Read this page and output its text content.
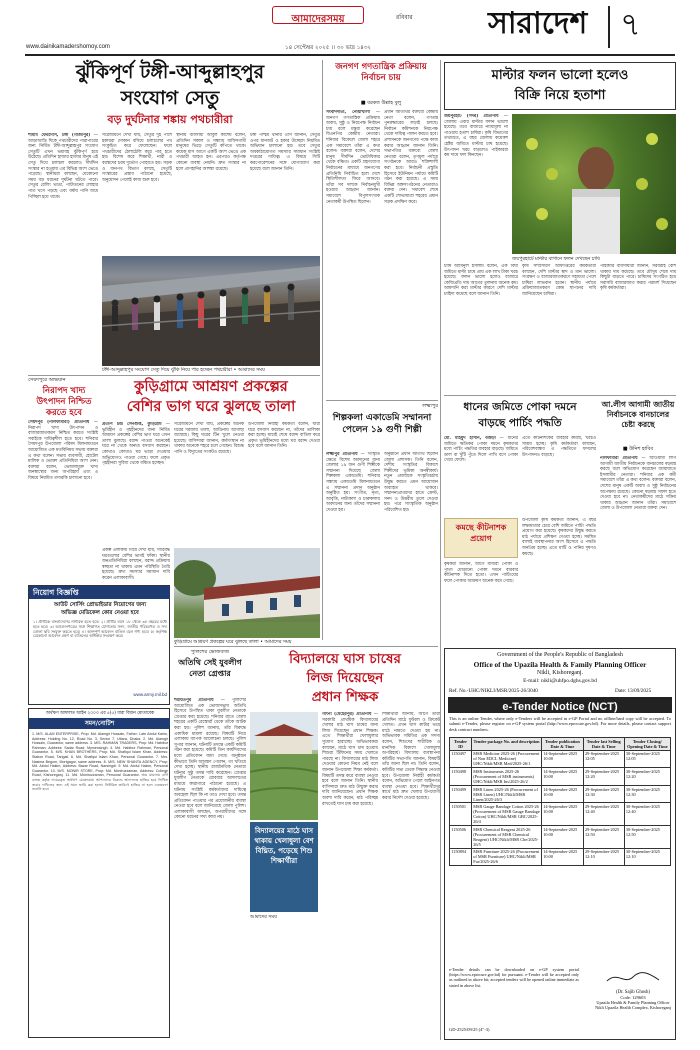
আমাদেরসময়	রবিবার
www.dainikamadershomoy.com	১৪ সেপ্টেম্বর ২০২৫ ।। ৩০ ভাদ্র ১৪৩২
সারাদেশ ৭
ঝুঁকিপূর্ণ টঙ্গী-আব্দুল্লাহপুর
সংযোগ সেতু
বড় দুর্ঘটনার শঙ্কায় পথচারীরা
শামীম ফেরদৌস, টঙ্গী (গাজীপুর) — আড়াআড়ি দিকে পথচারীদের পারাপারের জন্য নির্মিত টঙ্গী-আব্দুল্লাহপুর সংযোগ সেতুটি এখন ভয়াবহ ঝুঁকিপূর্ণ হয়ে উঠেছে। প্রতিদিন হাজার হাজার মানুষ এই সেতু দিয়ে চলাচল করলেও দীর্ঘদিন সংস্কার না হওয়ায় এর বিভিন্ন অংশ ভেঙে পড়েছে। স্থানীয়রা বলছেন, যেকোনো সময় বড় ধরনের দুর্ঘটনা ঘটতে পারে। সেতুর রেলিং ভাঙা, পাটাতনের লোহার পাত খসে পড়ছে এবং বর্ষায় পানি জমে পিচ্ছিল হয়ে থাকে।
সরেজমিনে দেখা যায়, সেতুর দুই পাশে হকাররা দোকান বসিয়ে চলাচলের পথ সংকুচিত করে ফেলেছেন। ফলে পথচারীদের ঠেলাঠেলি করে পার হতে হয়। বিশেষ করে শিক্ষার্থী, নারী ও বয়স্কদের চরম দুর্ভোগ পোহাতে হয়। সড়ক ও জনপথ বিভাগ বলছে, সেতুটি সংস্কারের প্রস্তাব পাঠানো হয়েছে, অনুমোদন পেলেই কাজ শুরু হবে।
স্থানীয় ব্যবসায়ী আবুল কাশেম বলেন, প্রতিদিন সকাল ও সন্ধ্যায় অফিসগামী মানুষের ভিড়ে সেতুটি কাঁপতে থাকে। কয়েক মাস আগে একটি অংশ ভেঙে এক পথচারী আহত হন। এরপরও কর্তৃপক্ষ কোনো ব্যবস্থা নেয়নি। দ্রুত সংস্কার না হলে প্রাণহানির আশঙ্কা রয়েছে।
টঙ্গী পশ্চিম থানার ওসি জানান, সেতুর ওপর যানজট ও হকার উচ্ছেদে নিয়মিত অভিযান চালানো হয়। তবে সেতুর অবকাঠামোগত সমস্যার সমাধান সংশ্লিষ্ট দপ্তরের দায়িত্ব। এ বিষয়ে সিটি করপোরেশনের সঙ্গে যোগাযোগ করা হয়েছে বলে জানান তিনি।
টঙ্গী-আব্দুল্লাহপুর সংযোগ সেতু দিয়ে ঝুঁকি নিয়ে পার হচ্ছেন পথচারীরা • আমাদের সময়
সৈয়দপুরে অভিযান
নিরাপদ খাদ্য উৎপাদন নিশ্চিত করতে হবে
সৈয়দপুর (নীলফামারী) প্রতিনিধি — নিরাপদ খাদ্য উৎপাদন ও বাজারজাতকরণ নিশ্চিত করতে সংশ্লিষ্ট সবাইকে দায়িত্বশীল হতে হবে। শনিবার সৈয়দপুর উপজেলা পরিষদ মিলনায়তনে আয়োজিত এক মতবিনিময় সভায় বক্তারা এ কথা বলেন। সভায় ব্যবসায়ী, হোটেল মালিক ও ভোক্তা প্রতিনিধিরা অংশ নেন। বক্তারা বলেন, ভেজালমুক্ত খাদ্য জনস্বাস্থ্যের জন্য অপরিহার্য এবং এ বিষয়ে নিয়মিত তদারকি চালানো হবে।
কুড়িগ্রামে আশ্রয়ণ প্রকল্পের
বেশির ভাগ ঘরে ঝুলছে তালা
প্রতাপ চন্দ্র সেনগুপ্ত, কুড়িগ্রাম — ভূমিহীন ও গৃহহীনদের জন্য নির্মিত আশ্রয়ণ প্রকল্পের বেশির ভাগ ঘরে এখন তালা ঝুলছে। বরাদ্দ পাওয়া অনেকেই ঘরে না থেকে অন্যত্র বসবাস করছেন। কোথাও কোথাও ঘর ভাড়া দেওয়ার অভিযোগও পাওয়া গেছে। ফলে প্রকৃত গৃহহীনরা সুবিধা থেকে বঞ্চিত হচ্ছেন।
সরেজমিনে দেখা যায়, প্রকল্পের অনেক ঘরের দরজায় তালা, আঙিনায় আগাছা জন্মেছে। কিছু ঘরের টিন খুলে নেওয়া হয়েছে। বাসিন্দারা জানান, কর্মসংস্থান না থাকায় অনেকে শহরে চলে গেছেন। বিশুদ্ধ পানি ও বিদ্যুতের সংকটও রয়েছে।
উপজেলা নির্বাহী কর্মকর্তা বলেন, যাঁরা ঘরে বসবাস করছেন না, তাঁদের তালিকা করা হচ্ছে। যাচাই শেষে বরাদ্দ বাতিল করে প্রকৃত ভূমিহীনদের মধ্যে ঘর বরাদ্দ দেওয়া হবে বলে জানান তিনি।
কুড়িগ্রামে আশ্রয়ণ প্রকল্পের ঘরে ঝুলছে তালা • আমাদের সময়
প্রকল্প এলাকায় গিয়ে দেখা যায়, সারিবদ্ধ ঘরগুলোর বেশির ভাগই ফাঁকা। স্থানীয় জনপ্রতিনিধিরা বলছেন, বরাদ্দ প্রক্রিয়ায় স্বচ্ছতা না থাকায় এমন পরিস্থিতি তৈরি হয়েছে। দ্রুত সমস্যার সমাধান দাবি করেন এলাকাবাসী।
নিয়োগ বিজ্ঞপ্তি
আউট সোর্সিং প্রোভাইডার নিয়োগের জন্য
অভিজ্ঞ মেডিকেল কোর নেওয়া হবে
১। প্রার্থীকে বাংলাদেশের নাগরিক হতে হবে। ২। প্রার্থীর বয়স ১৮ থেকে ৩৫ বছরের মধ্যে হতে হবে। ৩। আবেদনপত্রের সঙ্গে শিক্ষাগত যোগ্যতার সনদ, জাতীয় পরিচয়পত্র ও সদ্য তোলা ছবি সংযুক্ত করতে হবে। ৪। অসম্পূর্ণ আবেদন বাতিল বলে গণ্য হবে। ৫। কর্তৃপক্ষ যেকোনো আবেদন গ্রহণ বা বাতিলের অধিকার সংরক্ষণ করে।
www.army.mil.bd
অর্থঋণ আদালত আইন ২০০৩ এর ৫(৫) ধারা বিধান মোতাবেক
সমন/নোটিশ
1. M/S. ALAM ENTERPRISE, Prop: Md. Alamgir Hossain, Father: Late Abdul Karim, Address: Holding No. 12, Road No. 3, Sector 7, Uttara, Dhaka. 2. Md. Alamgir Hossain, Guarantor, same address. 3. M/S. RAHMAN TRADERS, Prop: Md. Habibur Rahman, Address: Sadar Road, Mymensingh. 4. Md. Habibur Rahman, Personal Guarantor. 5. M/S. KHAN BROTHERS, Prop: Md. Shafiqul Islam Khan, Address: Station Road, Tangail. 6. Md. Shafiqul Islam Khan, Personal Guarantor. 7. Mrs. Nasima Begum, Mortgagor, same address. 8. M/S. NEW SHANTA AGENCY, Prop: Md. Abdul Hakim, Address: Bazar Road, Narsingdi. 9. Md. Abdul Hakim, Personal Guarantor. 10. M/S. MONIR STORE, Prop: Md. Moniruzzaman, Address: College Road, Kishoreganj. 11. Md. Moniruzzaman, Personal Guarantor. অত্র মামলায় বাদী ব্যাংক কর্তৃক দায়েরকৃত অর্থঋণ মোকদ্দমায় আপনাদের বিরুদ্ধে আদালতে হাজির হয়ে লিখিত জবাব দাখিলের জন্য এই সমন জারি করা হলো। নির্ধারিত তারিখে হাজির না হলে একতরফা শুনানি হবে।
পুলিশের ভোজবাজ
অতিথি সেই যুবলীগ নেতা গ্রেপ্তার
শরীয়তপুর প্রতিনিধি — পুলিশের আয়োজিত এক ভোজসভায় অতিথি হিসেবে উপস্থিত থাকা যুবলীগ নেতাকে গ্রেপ্তার করা হয়েছে। শনিবার রাতে জেলা শহরের একটি রেস্তোরাঁ থেকে তাঁকে আটক করা হয়। পুলিশ জানায়, তাঁর বিরুদ্ধে একাধিক মামলা রয়েছে। বিষয়টি নিয়ে এলাকায় ব্যাপক আলোচনা চলছে। পুলিশ সুপার জানান, ঘটনাটি তদন্তে একটি কমিটি গঠন করা হয়েছে। কমিটি তিন কার্যদিবসের মধ্যে প্রতিবেদন জমা দেবে। অনুষ্ঠানে কীভাবে তিনি আমন্ত্রণ পেলেন, তা খতিয়ে দেখা হচ্ছে। স্থানীয় রাজনৈতিক নেতারা ঘটনার সুষ্ঠু তদন্ত দাবি করেছেন। গ্রেপ্তার যুবলীগ নেতাকে রোববার আদালতের মাধ্যমে কারাগারে পাঠানো হয়েছে। এ ঘটনায় সংশ্লিষ্ট কর্মকর্তাদের দায়িত্বে অবহেলা ছিল কি না তাও দেখা হবে। তদন্ত প্রতিবেদন পাওয়ার পর প্রয়োজনীয় ব্যবস্থা নেওয়া হবে বলে জানিয়েছে জেলা পুলিশ। এলাকাবাসী বলছেন, অপরাধীদের সঙ্গে কোনো ধরনের সখ্য কাম্য নয়।
বিদ্যালয়ে ঘাস চাষের
লিজ দিয়েছেন
প্রধান শিক্ষক
বিদ্যালয়ের মাঠে ঘাস থাকায় খেলাধুলা বেশ বিঘ্নিত, পড়েছে শিশু শিক্ষার্থীরা
আমাদের সময়
গাংনী (মেহেরপুর) প্রতিনিধি — সরকারি প্রাথমিক বিদ্যালয়ের খেলার মাঠ ঘাস চাষের জন্য লিজ দিয়েছেন প্রধান শিক্ষক। এতে শিক্ষার্থীরা খেলাধুলার সুযোগ হারাচ্ছে। অভিভাবকরা বলছেন, মাঠে ঘাস চাষ হওয়ায় শিশুরা টিফিনের সময় খেলতে পারছে না। বিদ্যালয়ের মাঠ লিজ দেওয়ার কোনো নিয়ম নেই বলে জানান উপজেলা শিক্ষা কর্মকর্তা। বিষয়টি তদন্ত করে ব্যবস্থা নেওয়া হবে বলে জানান তিনি। স্থানীয় বাসিন্দারা দ্রুত মাঠ উন্মুক্ত করার দাবি জানিয়েছেন। প্রধান শিক্ষক অবশ্য দাবি করেন, মাঠ পরিচ্ছন্ন রাখতেই ঘাস চাষ করা হয়েছে।
শিক্ষার্থীরা জানায়, আগে তারা প্রতিদিন মাঠে ফুটবল ও ক্রিকেট খেলত। এখন ঘাস কাটার ভয়ে মাঠে নামতে দেওয়া হয় না। অভিভাবক সমিতির এক সদস্য বলেন, শিশুদের শারীরিক ও মানসিক বিকাশে খেলাধুলা অপরিহার্য। বিদ্যালয় ব্যবস্থাপনা কমিটির সভাপতি জানান, বিষয়টি তাঁর জানা ছিল না। তিনি বলেন, কমিটির সভা ডেকে সিদ্ধান্ত নেওয়া হবে। উপজেলা নির্বাহী কর্মকর্তা বলেন, অভিযোগ পেলে আইনগত ব্যবস্থা নেওয়া হবে। শিক্ষার্থীদের স্বার্থে মাঠ দ্রুত খেলার উপযোগী করার নির্দেশ দেওয়া হয়েছে।
জনগণ গণতান্ত্রিক প্রক্রিয়ায় নির্বাচন চায়
■ বরকত উল্লাহ বুলু
সংবাদদাতা, নোয়াখালী — জনগণ গণতান্ত্রিক প্রক্রিয়ায় অবাধ, সুষ্ঠু ও নিরপেক্ষ নির্বাচন চায় বলে মন্তব্য করেছেন বিএনপির কেন্দ্রীয় নেতারা। শনিবার বিকেলে জেলা শহরে এক সমাবেশে তাঁরা এ কথা বলেন। বক্তারা বলেন, দেশের মানুষ দীর্ঘদিন ভোটাধিকার থেকে বঞ্চিত। একটি গ্রহণযোগ্য নির্বাচনের মাধ্যমে জনগণের প্রতিনিধি নির্বাচিত হলে দেশে স্থিতিশীলতা ফিরে আসবে। তাঁরা সব দলকে নির্বাচনমুখী হওয়ার আহ্বান জানান। সমাবেশে বিপুলসংখ্যক নেতাকর্মী উপস্থিত ছিলেন।
প্রধান অতিথির বক্তব্যে কেন্দ্রীয় নেতা বলেন, গণতন্ত্র পুনরুদ্ধারের লড়াই চলছে। নির্বাচন কমিশনকে নিরপেক্ষ থেকে দায়িত্ব পালন করতে হবে। প্রশাসনকে জনগণের পক্ষে কাজ করার আহ্বান জানান তিনি। সভাপতির বক্তব্যে জেলা নেতারা বলেন, তৃণমূল পর্যায়ে সংগঠনকে আরও শক্তিশালী করা হবে। নির্বাচনী প্রস্তুতি হিসেবে ইউনিয়ন পর্যায়ে কমিটি গঠন করা হয়েছে। এ সময় বিভিন্ন অঙ্গসংগঠনের নেতারাও বক্তব্য দেন। সমাবেশ শেষে একটি শোভাযাত্রা শহরের প্রধান সড়ক প্রদক্ষিণ করে।
লক্ষ্মীপুর
শিল্পকলা একাডেমি সম্মাননা পেলেন ১৯ গুণী শিল্পী
লক্ষ্মীপুর প্রতিনিধি — সংস্কৃতি ক্ষেত্রে বিশেষ অবদানের জন্য জেলার ১৯ জন গুণী শিল্পীকে সম্মাননা দিয়েছে জেলা শিল্পকলা একাডেমি। শনিবার সন্ধ্যায় একাডেমি মিলনায়তনে এ সম্মাননা প্রদান অনুষ্ঠান অনুষ্ঠিত হয়। সংগীত, নৃত্য, আবৃত্তি, নাট্যকলা ও চারুকলায় অবদানের জন্য তাঁদের সম্মাননা দেওয়া হয়।
অনুষ্ঠানে প্রধান অতিথি ছিলেন জেলা প্রশাসক। তিনি বলেন, দেশীয় সংস্কৃতির বিকাশে শিল্পীদের ভূমিকা অনস্বীকার্য। নতুন প্রজন্মকে সংস্কৃতিচর্চায় উদ্বুদ্ধ করতে এমন আয়োজন অব্যাহত থাকবে। সম্মাননাপ্রাপ্তদের হাতে ক্রেস্ট, সনদ ও উত্তরীয় তুলে দেওয়া হয়। পরে সাংস্কৃতিক অনুষ্ঠান পরিবেশিত হয়।
মাল্টার ফলন ভালো হলেও
বিক্রি নিয়ে হতাশা
জয়পুরহাট (সদর) প্রতিনিধি — জেলায় এবার মাল্টার ফলন ভালো হয়েছে। তবে বাজারে ন্যায্যমূল্য না পাওয়ায় হতাশ চাষিরা। কৃষি বিভাগের তথ্যমতে, এ বছর জেলায় কয়েকশ হেক্টর জমিতে মাল্টার চাষ হয়েছে। উৎপাদন খরচ বাড়লেও পাইকাররা কম দামে ফল কিনছেন।
জয়পুরহাটে মাল্টার বাগানে ফলন দেখছেন চাষি
চাষি আমিনুল ইসলাম বলেন, এক বিঘা জমিতে মাল্টা চাষে প্রায় এক লাখ টাকা খরচ হয়েছে। ফলন ভালো হলেও বাজারে কেজিপ্রতি দাম আগের তুলনায় অনেক কম। আমদানি করা মাল্টার কারণে দেশি মাল্টার চাহিদা কমেছে বলে জানান তিনি।
কৃষি সম্প্রসারণ অধিদপ্তরের কর্মকর্তারা বলছেন, দেশি মাল্টার স্বাদ ও মান ভালো। সংরক্ষণ ও বাজারজাতকরণে সহায়তা পেলে চাষিরা লাভবান হবেন। স্থানীয় পর্যায়ে প্রক্রিয়াজাতকরণ কেন্দ্র স্থাপনের দাবি জানিয়েছেন চাষিরা।
পাইকারি ব্যবসায়ীরা জানান, সরবরাহ বেশি থাকায় দাম কমেছে। তবে মৌসুম শেষে দাম কিছুটা বাড়তে পারে। চাষিদের সংগঠিত হয়ে সরাসরি বাজারজাত করার পরামর্শ দিয়েছেন কৃষি কর্মকর্তারা।
ধানের জমিতে পোকা দমনে
বাড়ছে পার্চিং পদ্ধতি
মো. মাহমুদ হাসান, বগুড়া — ধানের জমিতে ক্ষতিকর পোকা দমনে কৃষকদের মধ্যে পার্চিং পদ্ধতির ব্যবহার বাড়ছে। জমিতে ডাল বা খুঁটি পুঁতে দিলে পাখি বসে পোকা খেয়ে ফেলে।
এতে কীটনাশকের ব্যবহার কমছে, খরচও সাশ্রয় হচ্ছে। কৃষি কর্মকর্তারা বলছেন, পরিবেশবান্ধব এ পদ্ধতিতে ফসলের উৎপাদনও বাড়ছে।
কমছে কীটনাশক প্রয়োগ
কৃষকরা জানান, আগে মাজরা পোকা ও পাতা মোড়ানো পোকা দমনে বারবার কীটনাশক দিতে হতো। এখন পার্চিংয়ের ফলে পোকার আক্রমণ অনেক কমে গেছে।
উপজেলা কৃষি কর্মকর্তা জানান, এ বছর লক্ষ্যমাত্রার চেয়ে বেশি জমিতে পার্চিং পদ্ধতি প্রয়োগ করা হয়েছে। কৃষকদের উদ্বুদ্ধ করতে মাঠ পর্যায়ে প্রশিক্ষণ দেওয়া হচ্ছে। সমন্বিত বালাই ব্যবস্থাপনার অংশ হিসেবে এ পদ্ধতি জনপ্রিয় হচ্ছে। এতে মাটি ও পানির দূষণও কমছে।
আ.লীগ আগামী জাতীয় নির্বাচনকে বানচালের চেষ্টা করছে
■ উনিশ হাবিব
নীলফামারী প্রতিনিধি — আওয়ামী লীগ আগামী জাতীয় নির্বাচনকে বানচালের ষড়যন্ত্র করছে বলে অভিযোগ করেছেন জামায়াতে ইসলামীর নেতারা। শনিবার এক কর্মী সমাবেশে তাঁরা এ কথা বলেন। বক্তারা বলেন, দেশের মানুষ একটি অবাধ ও সুষ্ঠু নির্বাচনের অপেক্ষায় রয়েছে। কোনো ষড়যন্ত্র সফল হতে দেওয়া হবে না। নেতাকর্মীদের মাঠে সক্রিয় থাকার আহ্বান জানান তাঁরা। সমাবেশে জেলা ও উপজেলা নেতারা বক্তব্য দেন।
Government of the People's Republic of Bangladesh
Office of the Upazila Health & Family Planning Officer
Nikli, Kishoreganj.
E-mail: nikli@uhfpo.dghs.gov.bd
Ref. No.-UHC/NIKLI/MSR/2025-26/3040	Date: 13/09/2025
e-Tender Notice (NCT)
This is an online Tender, where only e-Tenders will be accepted in e-GP Portal and no offline/hard copy will be accepted. To submit e-Tender, please register on e-GP system portal (http://www.eprocure.gov.bd). For more details, please contact support desk contract numbers.
Tender ID	Tender package No. and description	Tender publication Date & Time	Tender last Selling Date & Time	Tender Closing/ Opening Date & Time
1150497	MSR Medicine 2025-26 (Procurement of Non EDCL Medicine) UHC/Nikli/MSR Med/2025-26/1	14-September-2025 10:00	29-September-2025 12:05	30-September-2025 12:05
1150498	MSR Instruments 2025-26 (Procurement of MSR instruments) UHC/Nikli/MSR Ins/2025-26/2	14-September-2025 10:00	29-September-2025 12:20	30-September-2025 12:20
1150499	MSR Linen 2025-26 (Procurement of MSR Linen) UHC/Nikli/MSR Linen/2025-26/3	14-September-2025 10:00	29-September-2025 12:30	30-September-2025 12:30
1150501	MSR Gauge Bandage Cotton 2025-26 (Procurement of MSR Gauge Bandage Cotton) UHC/Nikli/MSR GBC/2025-26/4	14-September-2025 10:00	29-September-2025 12:40	30-September-2025 12:40
1150506	MSR Chemical Reagent 2025-26 (Procurement of MSR Chemical Reagent) UHC/Nikli/MSR Che/2025-26/5	14-September-2025 10:00	29-September-2025 12:50	30-September-2025 12:50
1150894	MSR Furniture 2025-26 (Procurement of MSR Furniture) UHC/Nikli/MSR Fur/2025-26/6	14-September-2025 10:00	29-September-2025 12:10	30-September-2025 12:10
e-Tender details can be downloaded on e-GP system portal (https://www.eprocure.gov.bd) for pursuant. e-Tender will be accepted only as outlined in above bit; accepted tenders will be opened online immediate as stated in above list.
(Dr. Sajib Ghosh)
Code: 129603
Upazila Health & Family Planning Officer
Nikli Upazila Health Complex, Kishoreganj
GD-2525/09/25 (4"-3)
